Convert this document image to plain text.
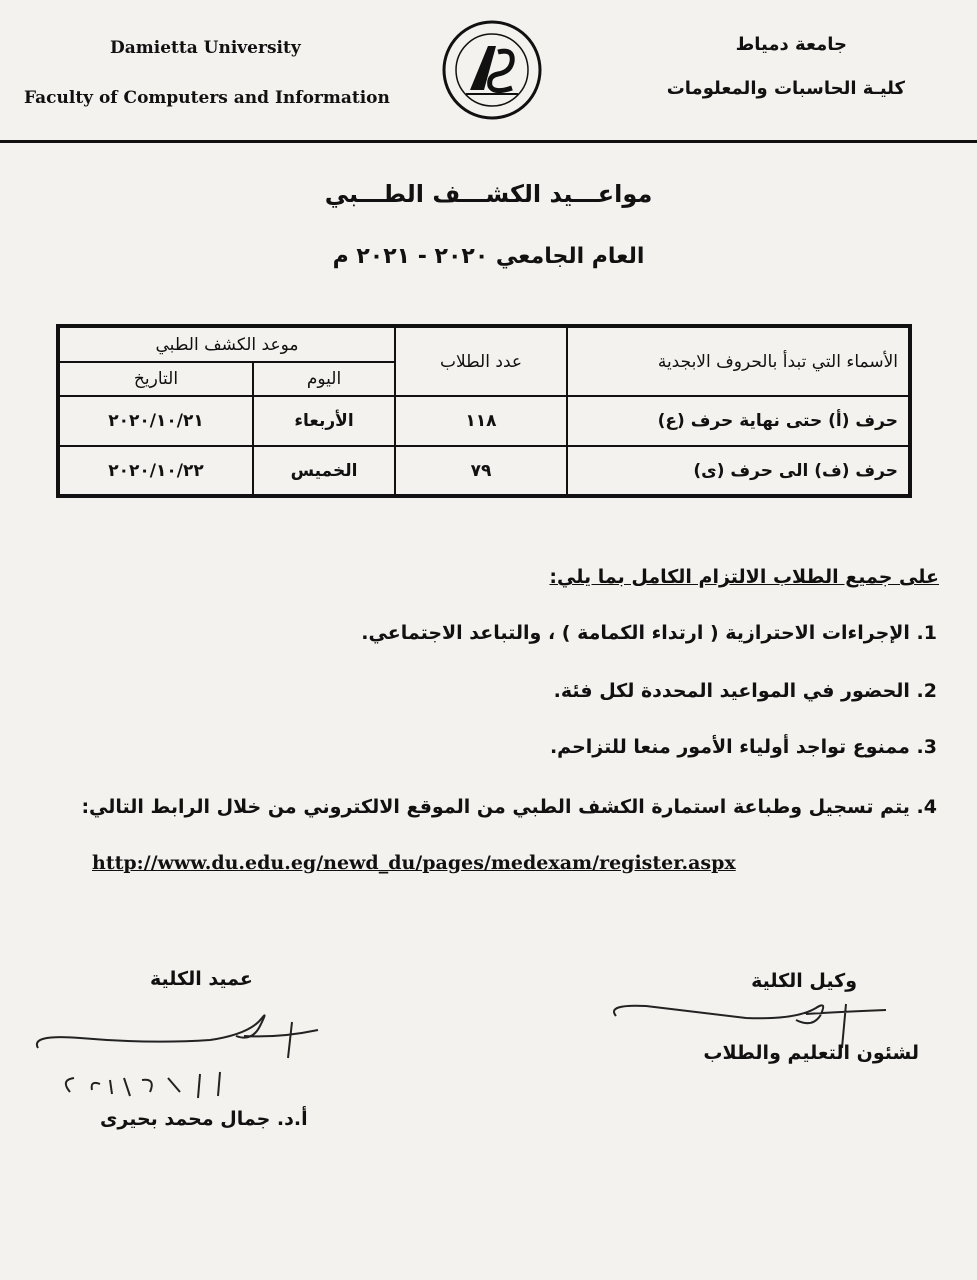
Damietta University
Faculty of Computers and Information
جامعة دمياط
كليـة الحاسبات والمعلومات
مواعـــيد الكشـــف الطـــبي
العام الجامعي ٢٠٢٠ - ٢٠٢١ م
الأسماء التي تبدأ بالحروف الابجدية	عدد الطلاب	موعد الكشف الطبي	
		اليوم	التاريخ
حرف (أ) حتى نهاية حرف (ع)	١١٨	الأربعاء	٢٠٢٠/١٠/٢١
حرف (ف) الى حرف (ى)	٧٩	الخميس	٢٠٢٠/١٠/٢٢
على جميع الطلاب الالتزام الكامل بما يلي:
1. الإجراءات الاحترازية ( ارتداء الكمامة ) ، والتباعد الاجتماعي.
2. الحضور في المواعيد المحددة لكل فئة.
3. ممنوع تواجد أولياء الأمور منعا للتزاحم.
4. يتم تسجيل وطباعة استمارة الكشف الطبي من الموقع الالكتروني من خلال الرابط التالي:
http://www.du.edu.eg/newd_du/pages/medexam/register.aspx
وكيل الكلية
لشئون التعليم والطلاب
عميد الكلية
أ.د. جمال محمد بحيرى
